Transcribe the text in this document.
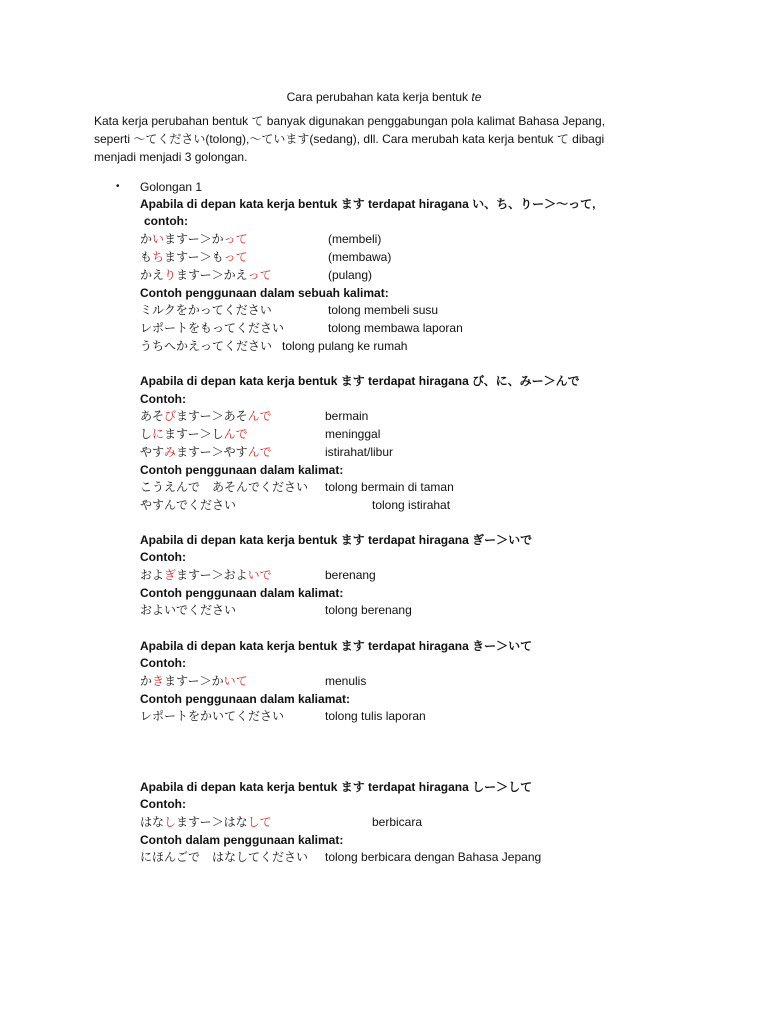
Cara perubahan kata kerja bentuk te
Kata kerja perubahan bentuk て banyak digunakan penggabungan pola kalimat Bahasa Jepang,
seperti ～てください(tolong),～ています(sedang), dll. Cara merubah kata kerja bentuk て dibagi
menjadi menjadi 3 golongan.
• Golongan 1
Apabila di depan kata kerja bentuk ます terdapat hiragana い、ち、りー＞～って,
contoh:
かいますー＞かって	(membeli)
もちますー＞もって	(membawa)
かえりますー＞かえって	(pulang)
Contoh penggunaan dalam sebuah kalimat:
ミルクをかってください	tolong membeli susu
レポートをもってください	tolong membawa laporan
うちへかえってください tolong pulang ke rumah
Apabila di depan kata kerja bentuk ます terdapat hiragana び、に、みー＞んで
Contoh:
あそびますー＞あそんで	bermain
しにますー＞しんで	meninggal
やすみますー＞やすんで	istirahat/libur
Contoh penggunaan dalam kalimat:
こうえんで　あそんでください tolong bermain di taman
やすんでください	tolong istirahat
Apabila di depan kata kerja bentuk ます terdapat hiragana ぎー＞いで
Contoh:
およぎますー＞およいで	berenang
Contoh penggunaan dalam kalimat:
およいでください	tolong berenang
Apabila di depan kata kerja bentuk ます terdapat hiragana きー＞いて
Contoh:
かきますー＞かいて	menulis
Contoh penggunaan dalam kaliamat:
レポートをかいてください	tolong tulis laporan
Apabila di depan kata kerja bentuk ます terdapat hiragana しー＞して
Contoh:
はなしますー＞はなして	berbicara
Contoh dalam penggunaan kalimat:
にほんごで　はなしてください tolong berbicara dengan Bahasa Jepang
